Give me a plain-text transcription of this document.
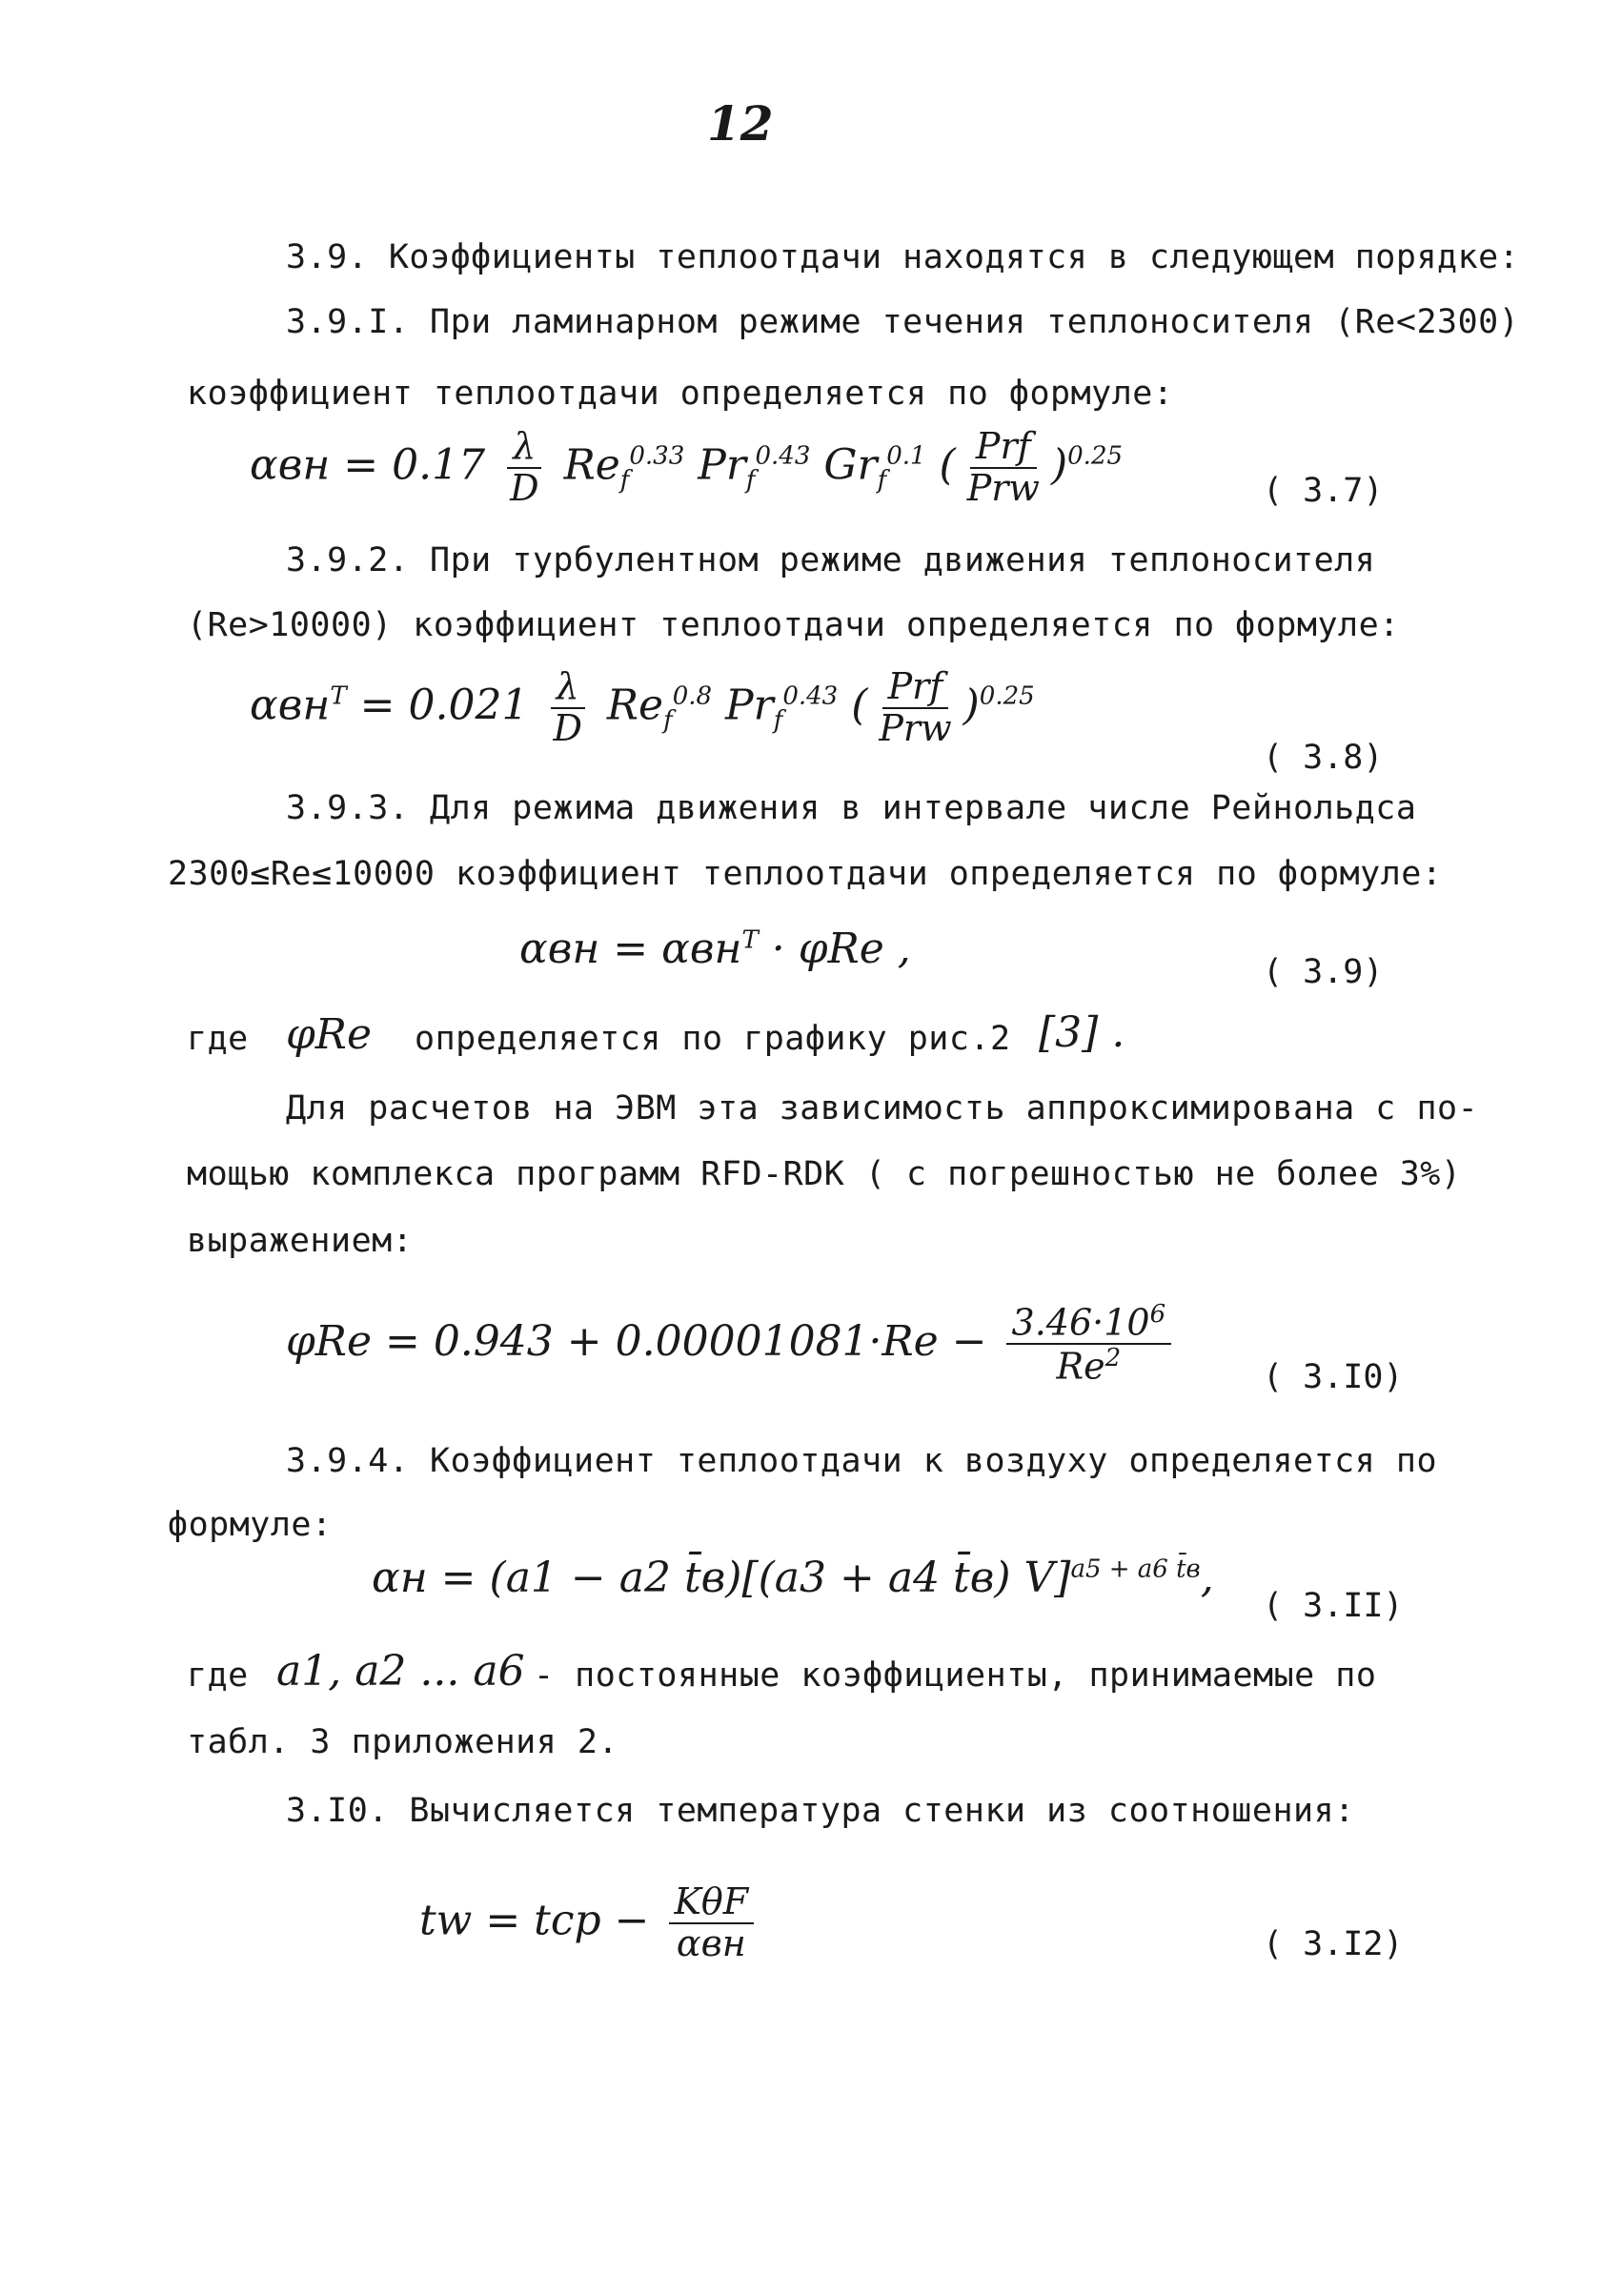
12
3.9. Коэффициенты теплоотдачи находятся в следующем порядке:
3.9.I. При ламинарном режиме течения теплоносителя (Re<2300)
коэффициент теплоотдачи определяется по формуле:
$\alpha вн = 0.17 \frac{\lambda}{D} Re_f^{0.33}$ $Pr_f^{0.43}$ $Gr_f^{0.1}$ ( $\frac{\text{Prf}}{\text{Prw}} )^{0.25}$
( 3.7)
3.9.2. При турбулентном режиме движения теплоносителя
(Re>10000) коэффициент теплоотдачи определяется по формуле:
$\alpha вн^T = 0.021 \frac{\lambda}{D} Re_f^{0.8}$ $Pr_f^{0.43}$ ( $\frac{\text{Prf}}{\text{Prw}} )^{0.25}$
( 3.8)
3.9.3. Для режима движения в интервале числе Рейнольдса
2300≤Re≤10000 коэффициент теплоотдачи определяется по формуле:
αвн = αвн$^T$ · φRe ,	( 3.9)
где φRe определяется по графику рис.2 [3] .
Для расчетов на ЭВМ эта зависимость аппроксимирована с по-
мощью комплекса программ RFD-RDK ( с погрешностью не более 3%)
выражением:
$\varphi Re = 0.943 + 0.00001081\cdot Re - \frac{3.46\cdot 10^6}{Re^2}$	( 3.I0)
3.9.4. Коэффициент теплоотдачи к воздуху определяется по
формуле:
αн = (a1 − a2 t̄в)[(a3 + a4 t̄в) V]$^{a5 + a6 t̄в}$,
( 3.II)
где a1, a2 ... a6 - постоянные коэффициенты, принимаемые по
табл. 3 приложения 2.
3.I0. Вычисляется температура стенки из соотношения:
tw = tср − $\frac{\text{KθF}}{\text{αвн}}$	( 3.I2)
